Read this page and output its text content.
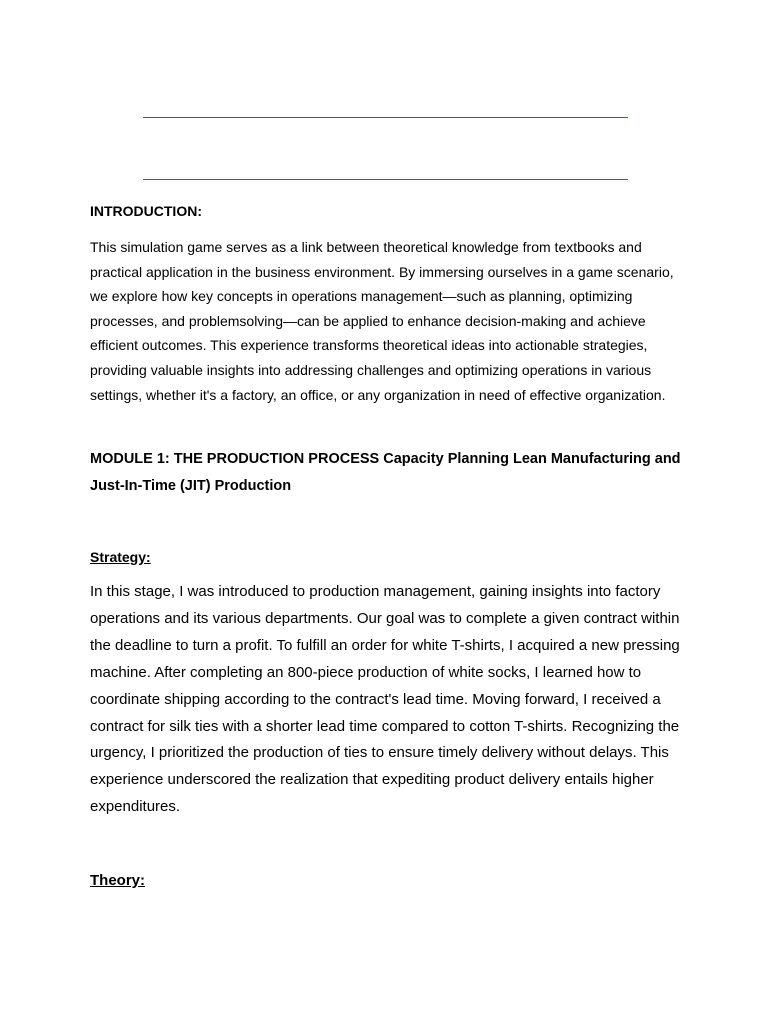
INTRODUCTION:

This simulation game serves as a link between theoretical knowledge from textbooks and practical application in the business environment. By immersing ourselves in a game scenario, we explore how key concepts in operations management—such as planning, optimizing processes, and problemsolving—can be applied to enhance decision-making and achieve efficient outcomes. This experience transforms theoretical ideas into actionable strategies, providing valuable insights into addressing challenges and optimizing operations in various settings, whether it's a factory, an office, or any organization in need of effective organization.

MODULE 1: THE PRODUCTION PROCESS Capacity Planning Lean Manufacturing and Just-In-Time (JIT) Production
Strategy:

In this stage, I was introduced to production management, gaining insights into factory operations and its various departments. Our goal was to complete a given contract within the deadline to turn a profit. To fulfill an order for white T-shirts, I acquired a new pressing machine. After completing an 800-piece production of white socks, I learned how to coordinate shipping according to the contract's lead time. Moving forward, I received a contract for silk ties with a shorter lead time compared to cotton T-shirts. Recognizing the urgency, I prioritized the production of ties to ensure timely delivery without delays. This experience underscored the realization that expediting product delivery entails higher expenditures.

Theory:
